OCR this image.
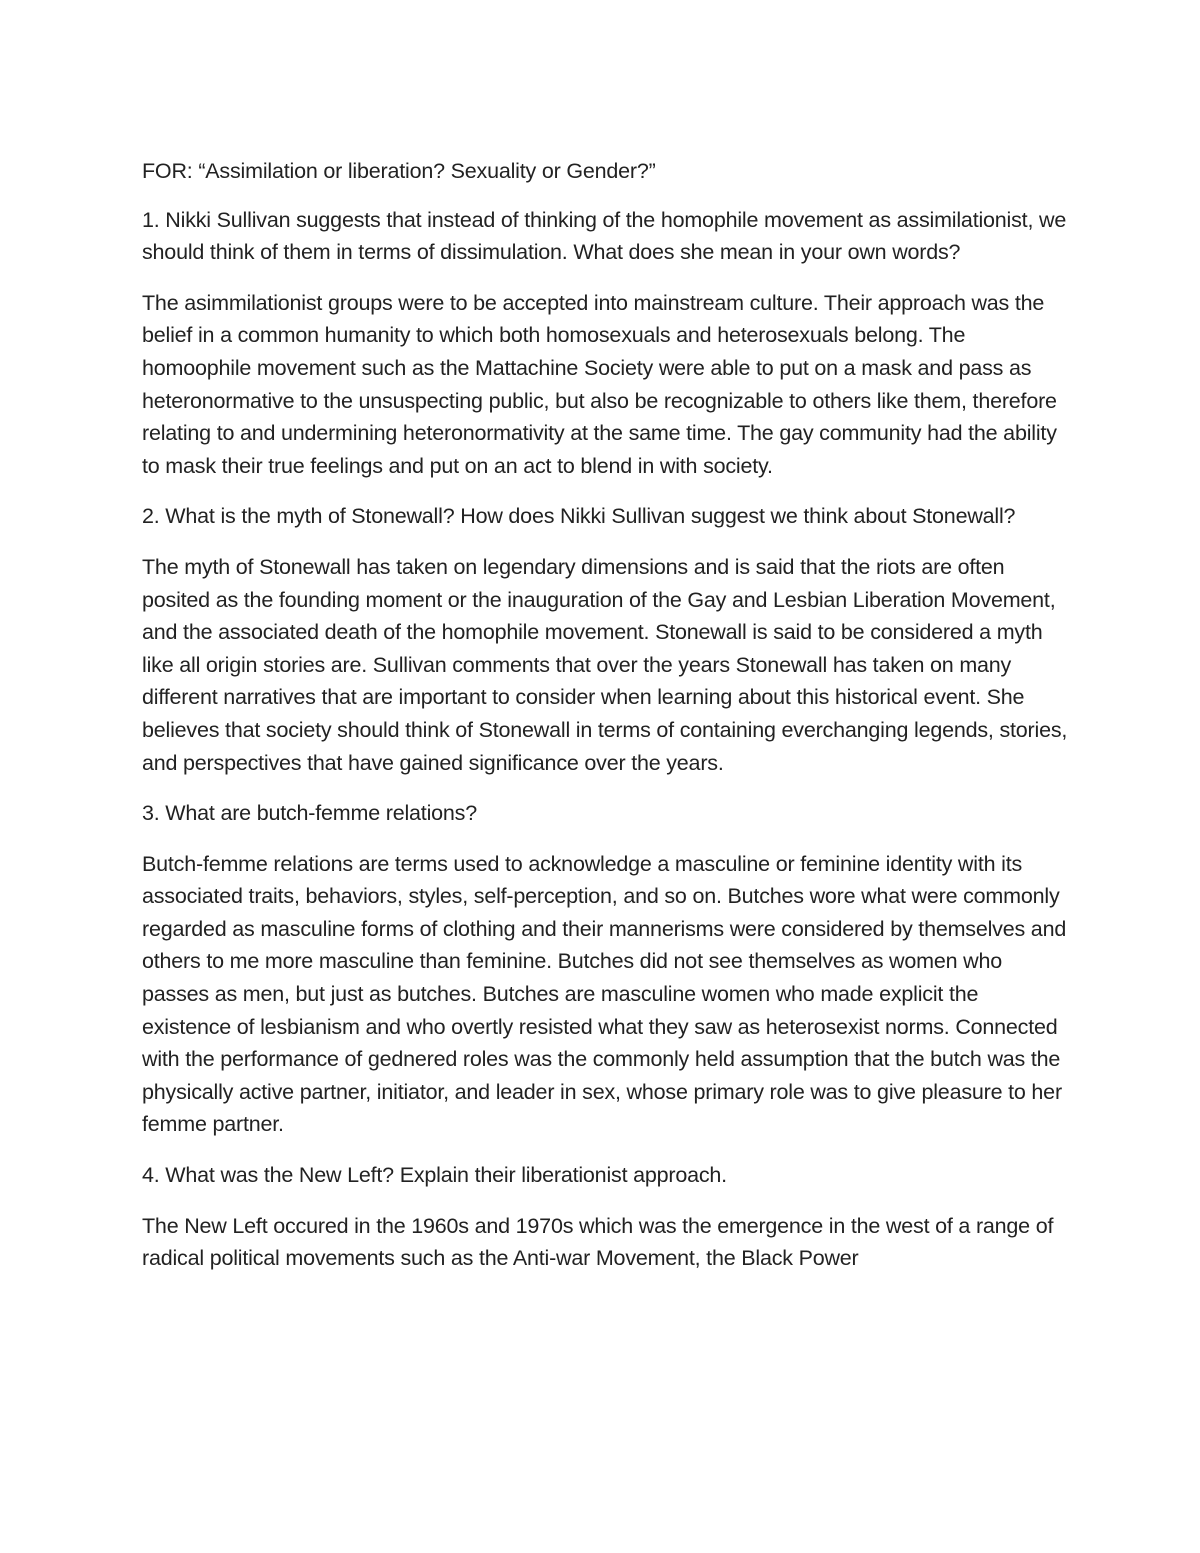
FOR: “Assimilation or liberation? Sexuality or Gender?”

1. Nikki Sullivan suggests that instead of thinking of the homophile movement as assimilationist, we should think of them in terms of dissimulation. What does she mean in your own words?

The asimmilationist groups were to be accepted into mainstream culture. Their approach was the belief in a common humanity to which both homosexuals and heterosexuals belong. The homoophile movement such as the Mattachine Society were able to put on a mask and pass as heteronormative to the unsuspecting public, but also be recognizable to others like them, therefore relating to and undermining heteronormativity at the same time. The gay community had the ability to mask their true feelings and put on an act to blend in with society.

2. What is the myth of Stonewall? How does Nikki Sullivan suggest we think about Stonewall?

The myth of Stonewall has taken on legendary dimensions and is said that the riots are often posited as the founding moment or the inauguration of the Gay and Lesbian Liberation Movement, and the associated death of the homophile movement. Stonewall is said to be considered a myth like all origin stories are. Sullivan comments that over the years Stonewall has taken on many different narratives that are important to consider when learning about this historical event. She believes that society should think of Stonewall in terms of containing everchanging legends, stories, and perspectives that have gained significance over the years.

3. What are butch-femme relations?

Butch-femme relations are terms used to acknowledge a masculine or feminine identity with its associated traits, behaviors, styles, self-perception, and so on. Butches wore what were commonly regarded as masculine forms of clothing and their mannerisms were considered by themselves and others to me more masculine than feminine. Butches did not see themselves as women who passes as men, but just as butches. Butches are masculine women who made explicit the existence of lesbianism and who overtly resisted what they saw as heterosexist norms. Connected with the performance of gednered roles was the commonly held assumption that the butch was the physically active partner, initiator, and leader in sex, whose primary role was to give pleasure to her femme partner.

4. What was the New Left? Explain their liberationist approach.

The New Left occured in the 1960s and 1970s which was the emergence in the west of a range of radical political movements such as the Anti-war Movement, the Black Power
